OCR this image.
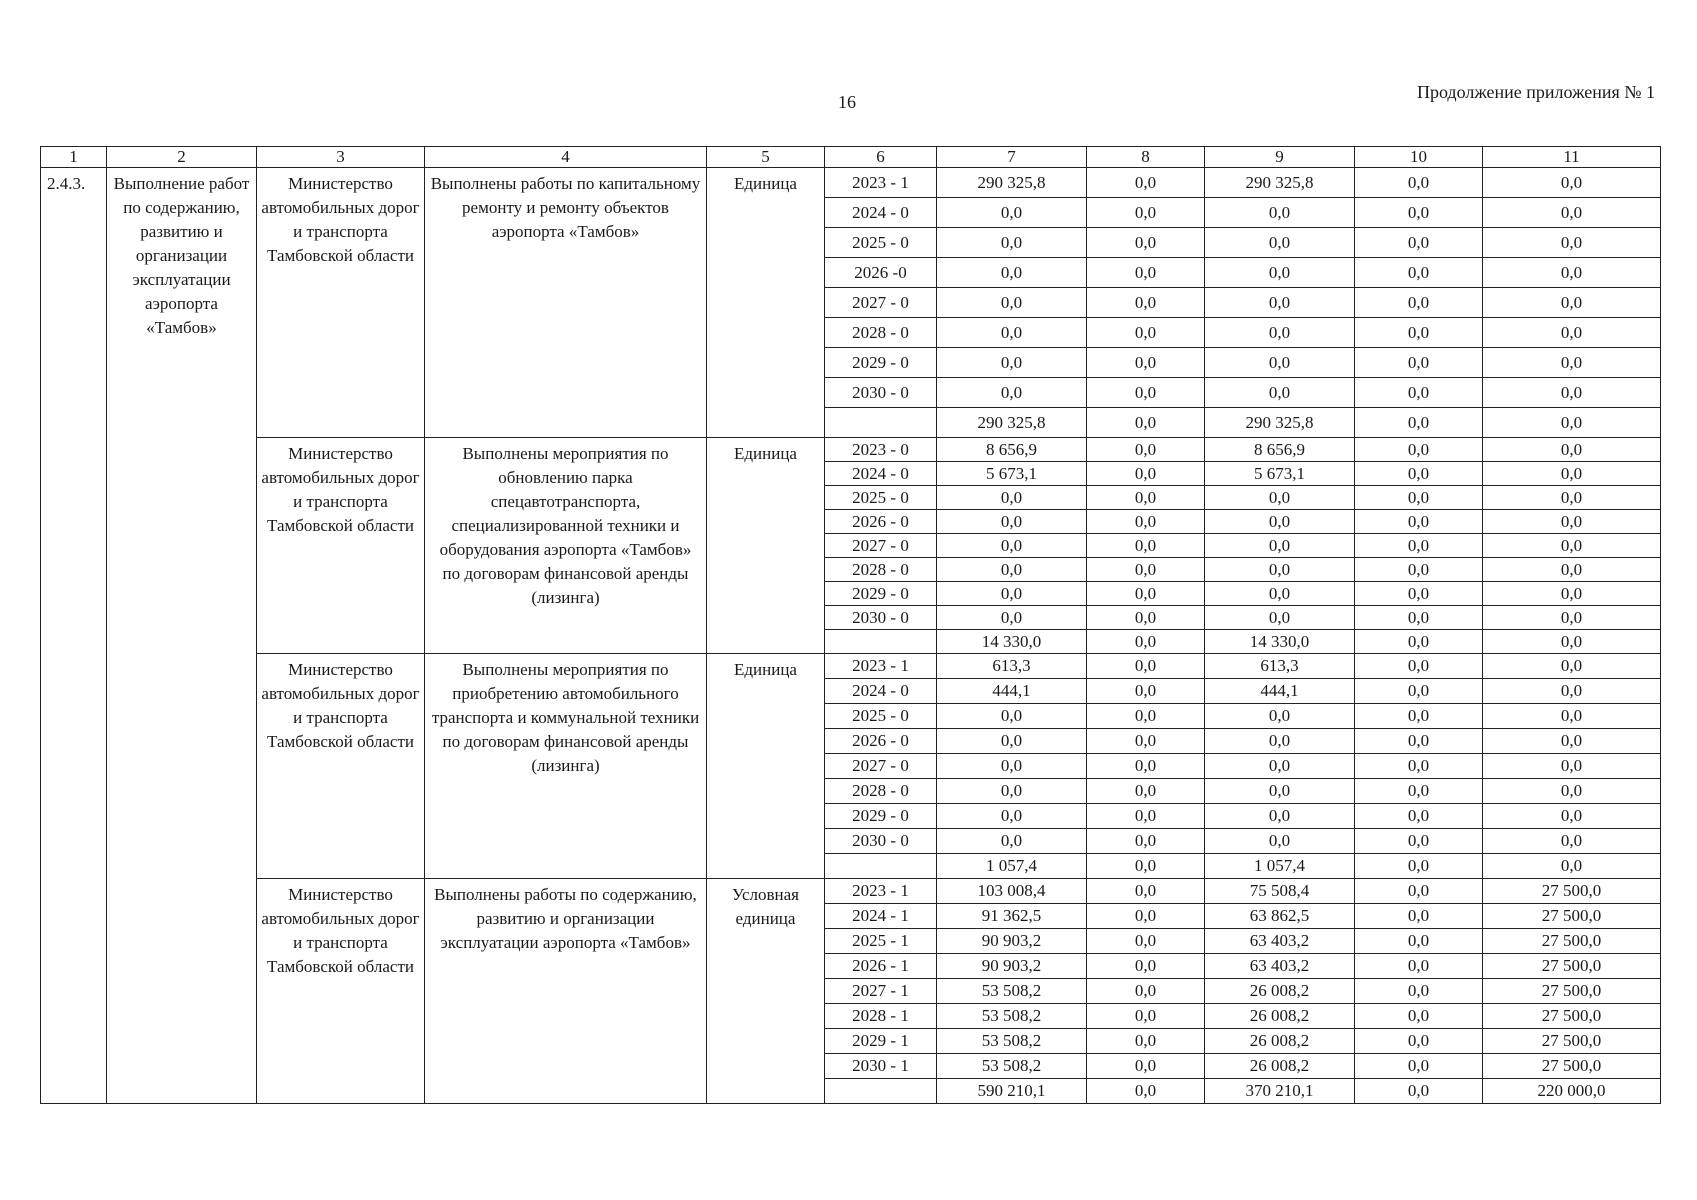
16	Продолжение приложения № 1
1	2	3	4	5	6	7	8	9	10	11
2.4.3.	Выполнение работ по содержанию, развитию и организации эксплуатации аэропорта «Тамбов»	Министерство автомобильных дорог и транспорта Тамбовской области	Выполнены работы по капитальному ремонту и ремонту объектов аэропорта «Тамбов»	Единица	2023 - 1	290 325,8	0,0	290 325,8	0,0	0,0
					2024 - 0	0,0	0,0	0,0	0,0	0,0
					2025 - 0	0,0	0,0	0,0	0,0	0,0
					2026 -0	0,0	0,0	0,0	0,0	0,0
					2027 - 0	0,0	0,0	0,0	0,0	0,0
					2028 - 0	0,0	0,0	0,0	0,0	0,0
					2029 - 0	0,0	0,0	0,0	0,0	0,0
					2030 - 0	0,0	0,0	0,0	0,0	0,0
						290 325,8	0,0	290 325,8	0,0	0,0
		Министерство автомобильных дорог и транспорта Тамбовской области	Выполнены мероприятия по обновлению парка спецавтотранспорта, специализированной техники и оборудования аэропорта «Тамбов» по договорам финансовой аренды (лизинга)	Единица	2023 - 0	8 656,9	0,0	8 656,9	0,0	0,0
					2024 - 0	5 673,1	0,0	5 673,1	0,0	0,0
					2025 - 0	0,0	0,0	0,0	0,0	0,0
					2026 - 0	0,0	0,0	0,0	0,0	0,0
					2027 - 0	0,0	0,0	0,0	0,0	0,0
					2028 - 0	0,0	0,0	0,0	0,0	0,0
					2029 - 0	0,0	0,0	0,0	0,0	0,0
					2030 - 0	0,0	0,0	0,0	0,0	0,0
						14 330,0	0,0	14 330,0	0,0	0,0
		Министерство автомобильных дорог и транспорта Тамбовской области	Выполнены мероприятия по приобретению автомобильного транспорта и коммунальной техники по договорам финансовой аренды (лизинга)	Единица	2023 - 1	613,3	0,0	613,3	0,0	0,0
					2024 - 0	444,1	0,0	444,1	0,0	0,0
					2025 - 0	0,0	0,0	0,0	0,0	0,0
					2026 - 0	0,0	0,0	0,0	0,0	0,0
					2027 - 0	0,0	0,0	0,0	0,0	0,0
					2028 - 0	0,0	0,0	0,0	0,0	0,0
					2029 - 0	0,0	0,0	0,0	0,0	0,0
					2030 - 0	0,0	0,0	0,0	0,0	0,0
						1 057,4	0,0	1 057,4	0,0	0,0
		Министерство автомобильных дорог и транспорта Тамбовской области	Выполнены работы по содержанию, развитию и организации эксплуатации аэропорта «Тамбов»	Условная единица	2023 - 1	103 008,4	0,0	75 508,4	0,0	27 500,0
					2024 - 1	91 362,5	0,0	63 862,5	0,0	27 500,0
					2025 - 1	90 903,2	0,0	63 403,2	0,0	27 500,0
					2026 - 1	90 903,2	0,0	63 403,2	0,0	27 500,0
					2027 - 1	53 508,2	0,0	26 008,2	0,0	27 500,0
					2028 - 1	53 508,2	0,0	26 008,2	0,0	27 500,0
					2029 - 1	53 508,2	0,0	26 008,2	0,0	27 500,0
					2030 - 1	53 508,2	0,0	26 008,2	0,0	27 500,0
						590 210,1	0,0	370 210,1	0,0	220 000,0
